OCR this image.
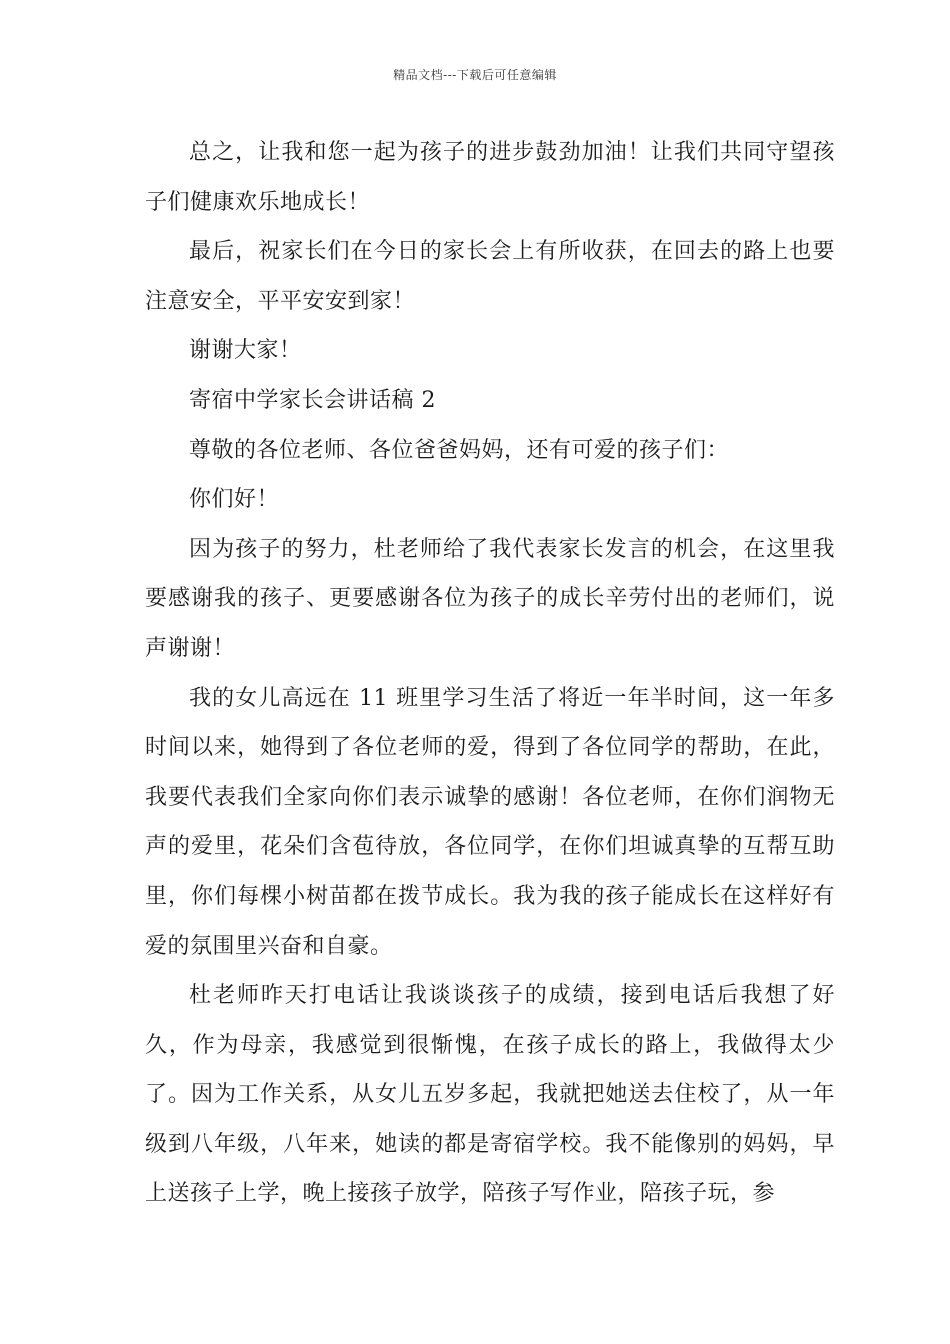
精品文档---下载后可任意编辑

总之，让我和您一起为孩子的进步鼓劲加油！让我们共同守望孩子们健康欢乐地成长！

最后，祝家长们在今日的家长会上有所收获，在回去的路上也要注意安全，平平安安到家！

谢谢大家！

寄宿中学家长会讲话稿 2

尊敬的各位老师、各位爸爸妈妈，还有可爱的孩子们：

你们好！

因为孩子的努力，杜老师给了我代表家长发言的机会，在这里我要感谢我的孩子、更要感谢各位为孩子的成长辛劳付出的老师们，说声谢谢！

我的女儿高远在 11 班里学习生活了将近一年半时间，这一年多时间以来，她得到了各位老师的爱，得到了各位同学的帮助，在此，我要代表我们全家向你们表示诚挚的感谢！各位老师，在你们润物无声的爱里，花朵们含苞待放，各位同学，在你们坦诚真挚的互帮互助里，你们每棵小树苗都在拨节成长。我为我的孩子能成长在这样好有爱的氛围里兴奋和自豪。

杜老师昨天打电话让我谈谈孩子的成绩，接到电话后我想了好久，作为母亲，我感觉到很惭愧，在孩子成长的路上，我做得太少了。因为工作关系，从女儿五岁多起，我就把她送去住校了，从一年级到八年级，八年来，她读的都是寄宿学校。我不能像别的妈妈，早上送孩子上学，晚上接孩子放学，陪孩子写作业，陪孩子玩，参
